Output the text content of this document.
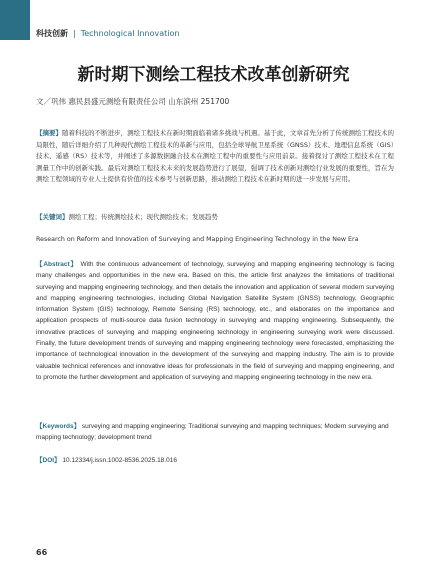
科技创新 | Technological Innovation
新时期下测绘工程技术改革创新研究
文／巩伟 惠民县盛元测绘有限责任公司 山东滨州 251700
【摘要】随着科技的不断进步，测绘工程技术在新时期面临着诸多挑战与机遇。基于此，文章首先分析了传统测绘工程技术的局限性，随后详细介绍了几种现代测绘工程技术的革新与应用，包括全球导航卫星系统（GNSS）技术、地理信息系统（GIS）技术、遥感（RS）技术等，并阐述了多源数据融合技术在测绘工程中的重要性与应用前景。接着探讨了测绘工程技术在工程测量工作中的创新实践。最后对测绘工程技术未来的发展趋势进行了展望，强调了技术创新对测绘行业发展的重要性，旨在为测绘工程领域的专业人士提供有价值的技术参考与创新思路，推动测绘工程技术在新时期的进一步发展与应用。
【关键词】测绘工程；传统测绘技术；现代测绘技术；发展趋势
Research on Reform and Innovation of Surveying and Mapping Engineering Technology in the New Era
【Abstract】 With the continuous advancement of technology, surveying and mapping engineering technology is facing many challenges and opportunities in the new era. Based on this, the article first analyzes the limitations of traditional surveying and mapping engineering technology, and then details the innovation and application of several modern surveying and mapping engineering technologies, including Global Navigation Satellite System (GNSS) technology, Geographic Information System (GIS) technology, Remote Sensing (RS) technology, etc., and elaborates on the importance and application prospects of multi-source data fusion technology in surveying and mapping engineering. Subsequently, the innovative practices of surveying and mapping engineering technology in engineering surveying work were discussed. Finally, the future development trends of surveying and mapping engineering technology were forecasted, emphasizing the importance of technological innovation in the development of the surveying and mapping industry. The aim is to provide valuable technical references and innovative ideas for professionals in the field of surveying and mapping engineering, and to promote the further development and application of surveying and mapping engineering technology in the new era.
【Keywords】 surveying and mapping engineering; Traditional surveying and mapping techniques; Modern surveying and mapping technology; development trend
【DOI】 10.12334/j.issn.1002-8536.2025.18.016
66
